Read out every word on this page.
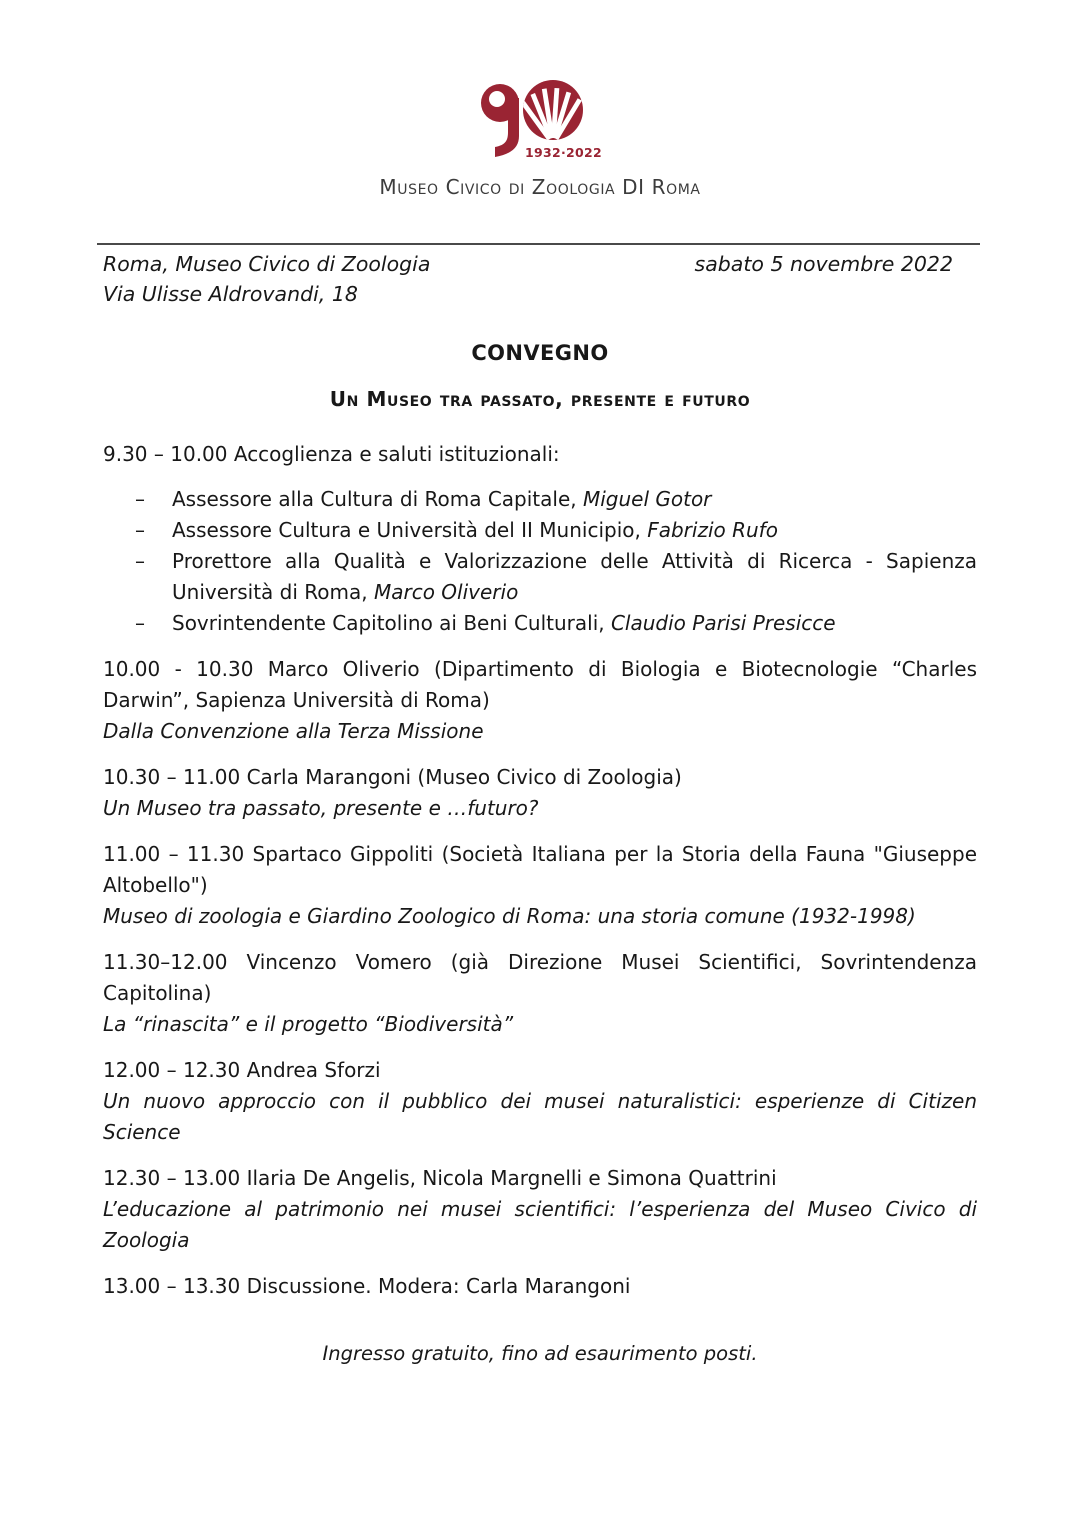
1932·2022
Museo Civico di Zoologia DI Roma
Roma, Museo Civico di Zoologia	sabato 5 novembre 2022
Via Ulisse Aldrovandi, 18
CONVEGNO
Un Museo tra passato, presente e futuro
9.30 – 10.00 Accoglienza e saluti istituzionali:
– Assessore alla Cultura di Roma Capitale, Miguel Gotor
– Assessore Cultura e Università del II Municipio, Fabrizio Rufo
– Prorettore alla Qualità e Valorizzazione delle Attività di Ricerca - Sapienza Università di Roma, Marco Oliverio
– Sovrintendente Capitolino ai Beni Culturali, Claudio Parisi Presicce
10.00 - 10.30 Marco Oliverio (Dipartimento di Biologia e Biotecnologie “Charles Darwin”, Sapienza Università di Roma)
Dalla Convenzione alla Terza Missione
10.30 – 11.00 Carla Marangoni (Museo Civico di Zoologia)
Un Museo tra passato, presente e …futuro?
11.00 – 11.30 Spartaco Gippoliti (Società Italiana per la Storia della Fauna "Giuseppe Altobello")
Museo di zoologia e Giardino Zoologico di Roma: una storia comune (1932-1998)
11.30–12.00 Vincenzo Vomero (già Direzione Musei Scientifici, Sovrintendenza Capitolina)
La “rinascita” e il progetto “Biodiversità”
12.00 – 12.30 Andrea Sforzi
Un nuovo approccio con il pubblico dei musei naturalistici: esperienze di Citizen Science
12.30 – 13.00 Ilaria De Angelis, Nicola Margnelli e Simona Quattrini
L’educazione al patrimonio nei musei scientifici: l’esperienza del Museo Civico di Zoologia
13.00 – 13.30 Discussione. Modera: Carla Marangoni
Ingresso gratuito, fino ad esaurimento posti.
